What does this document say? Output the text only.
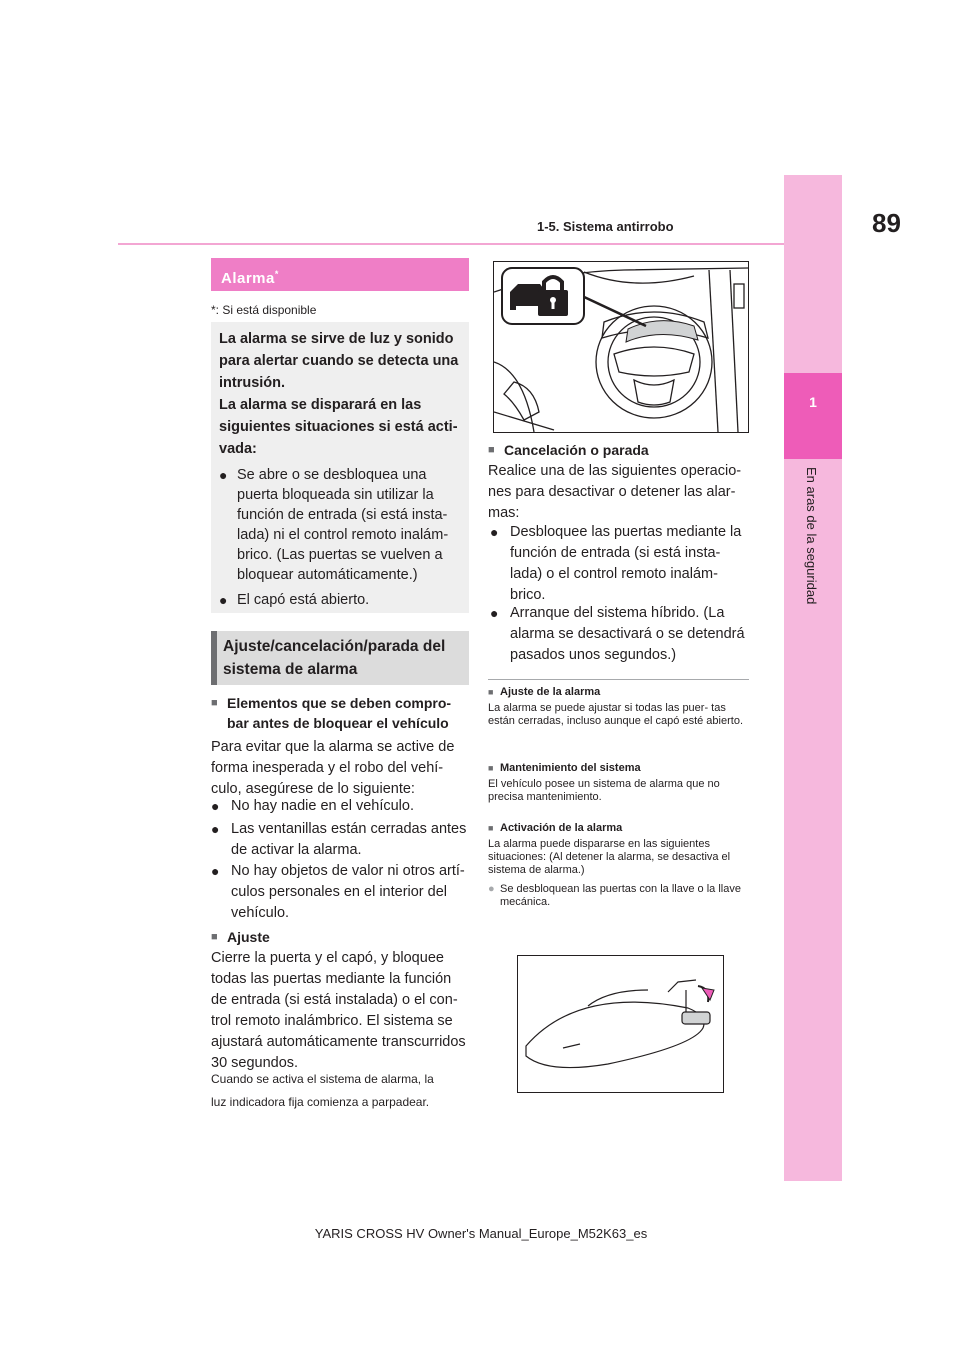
1-5. Sistema antirrobo	89
1
En aras de la seguridad
Alarma*
*: Si está disponible
La alarma se sirve de luz y sonido
para alertar cuando se detecta una
intrusión.
La alarma se disparará en las
siguientes situaciones si está acti-
vada:
● Se abre o se desbloquea una puerta bloqueada sin utilizar la función de entrada (si está insta- lada) ni el control remoto inalám- brico. (Las puertas se vuelven a bloquear automáticamente.)
● El capó está abierto.
Ajuste/cancelación/parada del
sistema de alarma
■ Elementos que se deben compro-
bar antes de bloquear el vehículo
Para evitar que la alarma se active de forma inesperada y el robo del vehí- culo, asegúrese de lo siguiente:
● No hay nadie en el vehículo.
● Las ventanillas están cerradas antes de activar la alarma.
● No hay objetos de valor ni otros artí- culos personales en el interior del vehículo.
■ Ajuste
Cierre la puerta y el capó, y bloquee todas las puertas mediante la función de entrada (si está instalada) o el con- trol remoto inalámbrico. El sistema se ajustará automáticamente transcurridos 30 segundos.
Cuando se activa el sistema de alarma, la
luz indicadora fija comienza a parpadear.
■ Cancelación o parada
Realice una de las siguientes operacio- nes para desactivar o detener las alar- mas:
● Desbloquee las puertas mediante la función de entrada (si está insta- lada) o el control remoto inalám- brico.
● Arranque del sistema híbrido. (La alarma se desactivará o se detendrá pasados unos segundos.)
■ Ajuste de la alarma
La alarma se puede ajustar si todas las puer- tas están cerradas, incluso aunque el capó esté abierto.
■ Mantenimiento del sistema
El vehículo posee un sistema de alarma que no precisa mantenimiento.
■ Activación de la alarma
La alarma puede dispararse en las siguientes situaciones: (Al detener la alarma, se desactiva el sistema de alarma.)
● Se desbloquean las puertas con la llave o la llave mecánica.
YARIS CROSS HV Owner's Manual_Europe_M52K63_es
